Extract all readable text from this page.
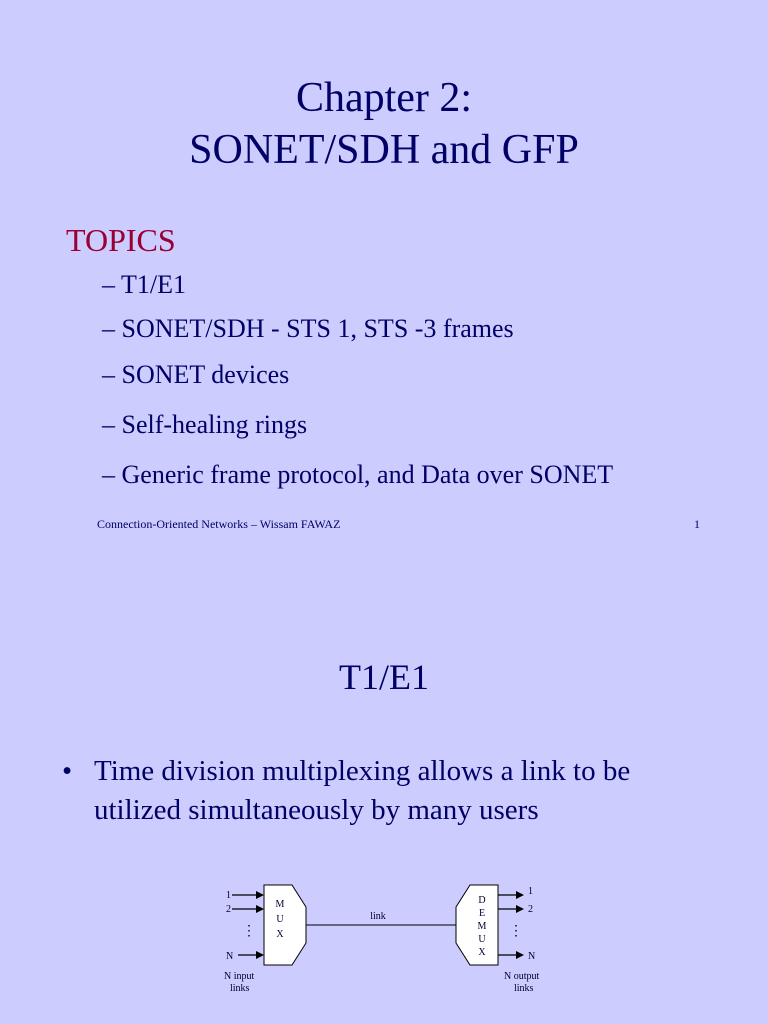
Chapter 2:
SONET/SDH and GFP
TOPICS
– T1/E1
– SONET/SDH - STS 1, STS -3 frames
– SONET devices
– Self-healing rings
– Generic frame protocol, and Data over SONET
Connection-Oriented Networks – Wissam FAWAZ	1
T1/E1
• Time division multiplexing allows a link to be utilized simultaneously by many users
1
2
⋮
N
M
U
X
link
D
E
M
U
X
1
2
⋮
N
N input
links
N output
links
